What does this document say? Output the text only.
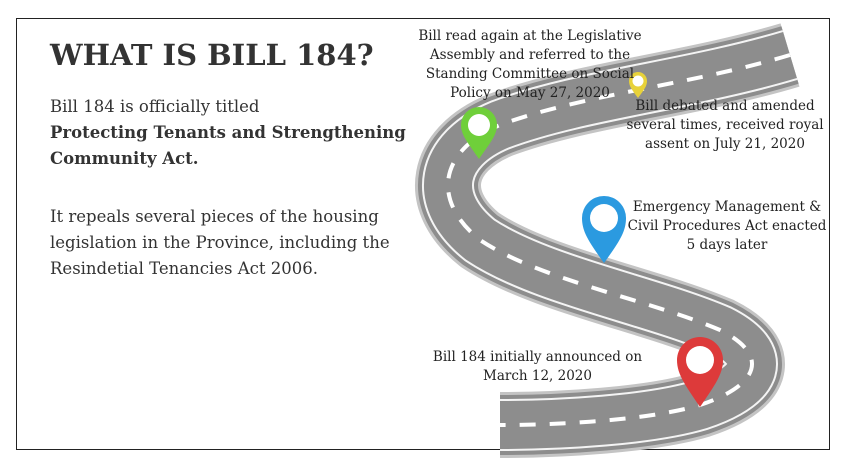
WHAT IS BILL 184?
Bill 184 is officially titled
Protecting Tenants and Strengthening Community Act.
It repeals several pieces of the housing legislation in the Province, including the Resindetial Tenancies Act 2006.
Bill read again at the Legislative
Assembly and referred to the
Standing Committee on Social
Policy on May 27, 2020
Bill debated and amended
several times, received royal
assent on July 21, 2020
Emergency Management &
Civil Procedures Act enacted
5 days later
Bill 184 initially announced on
March 12, 2020
